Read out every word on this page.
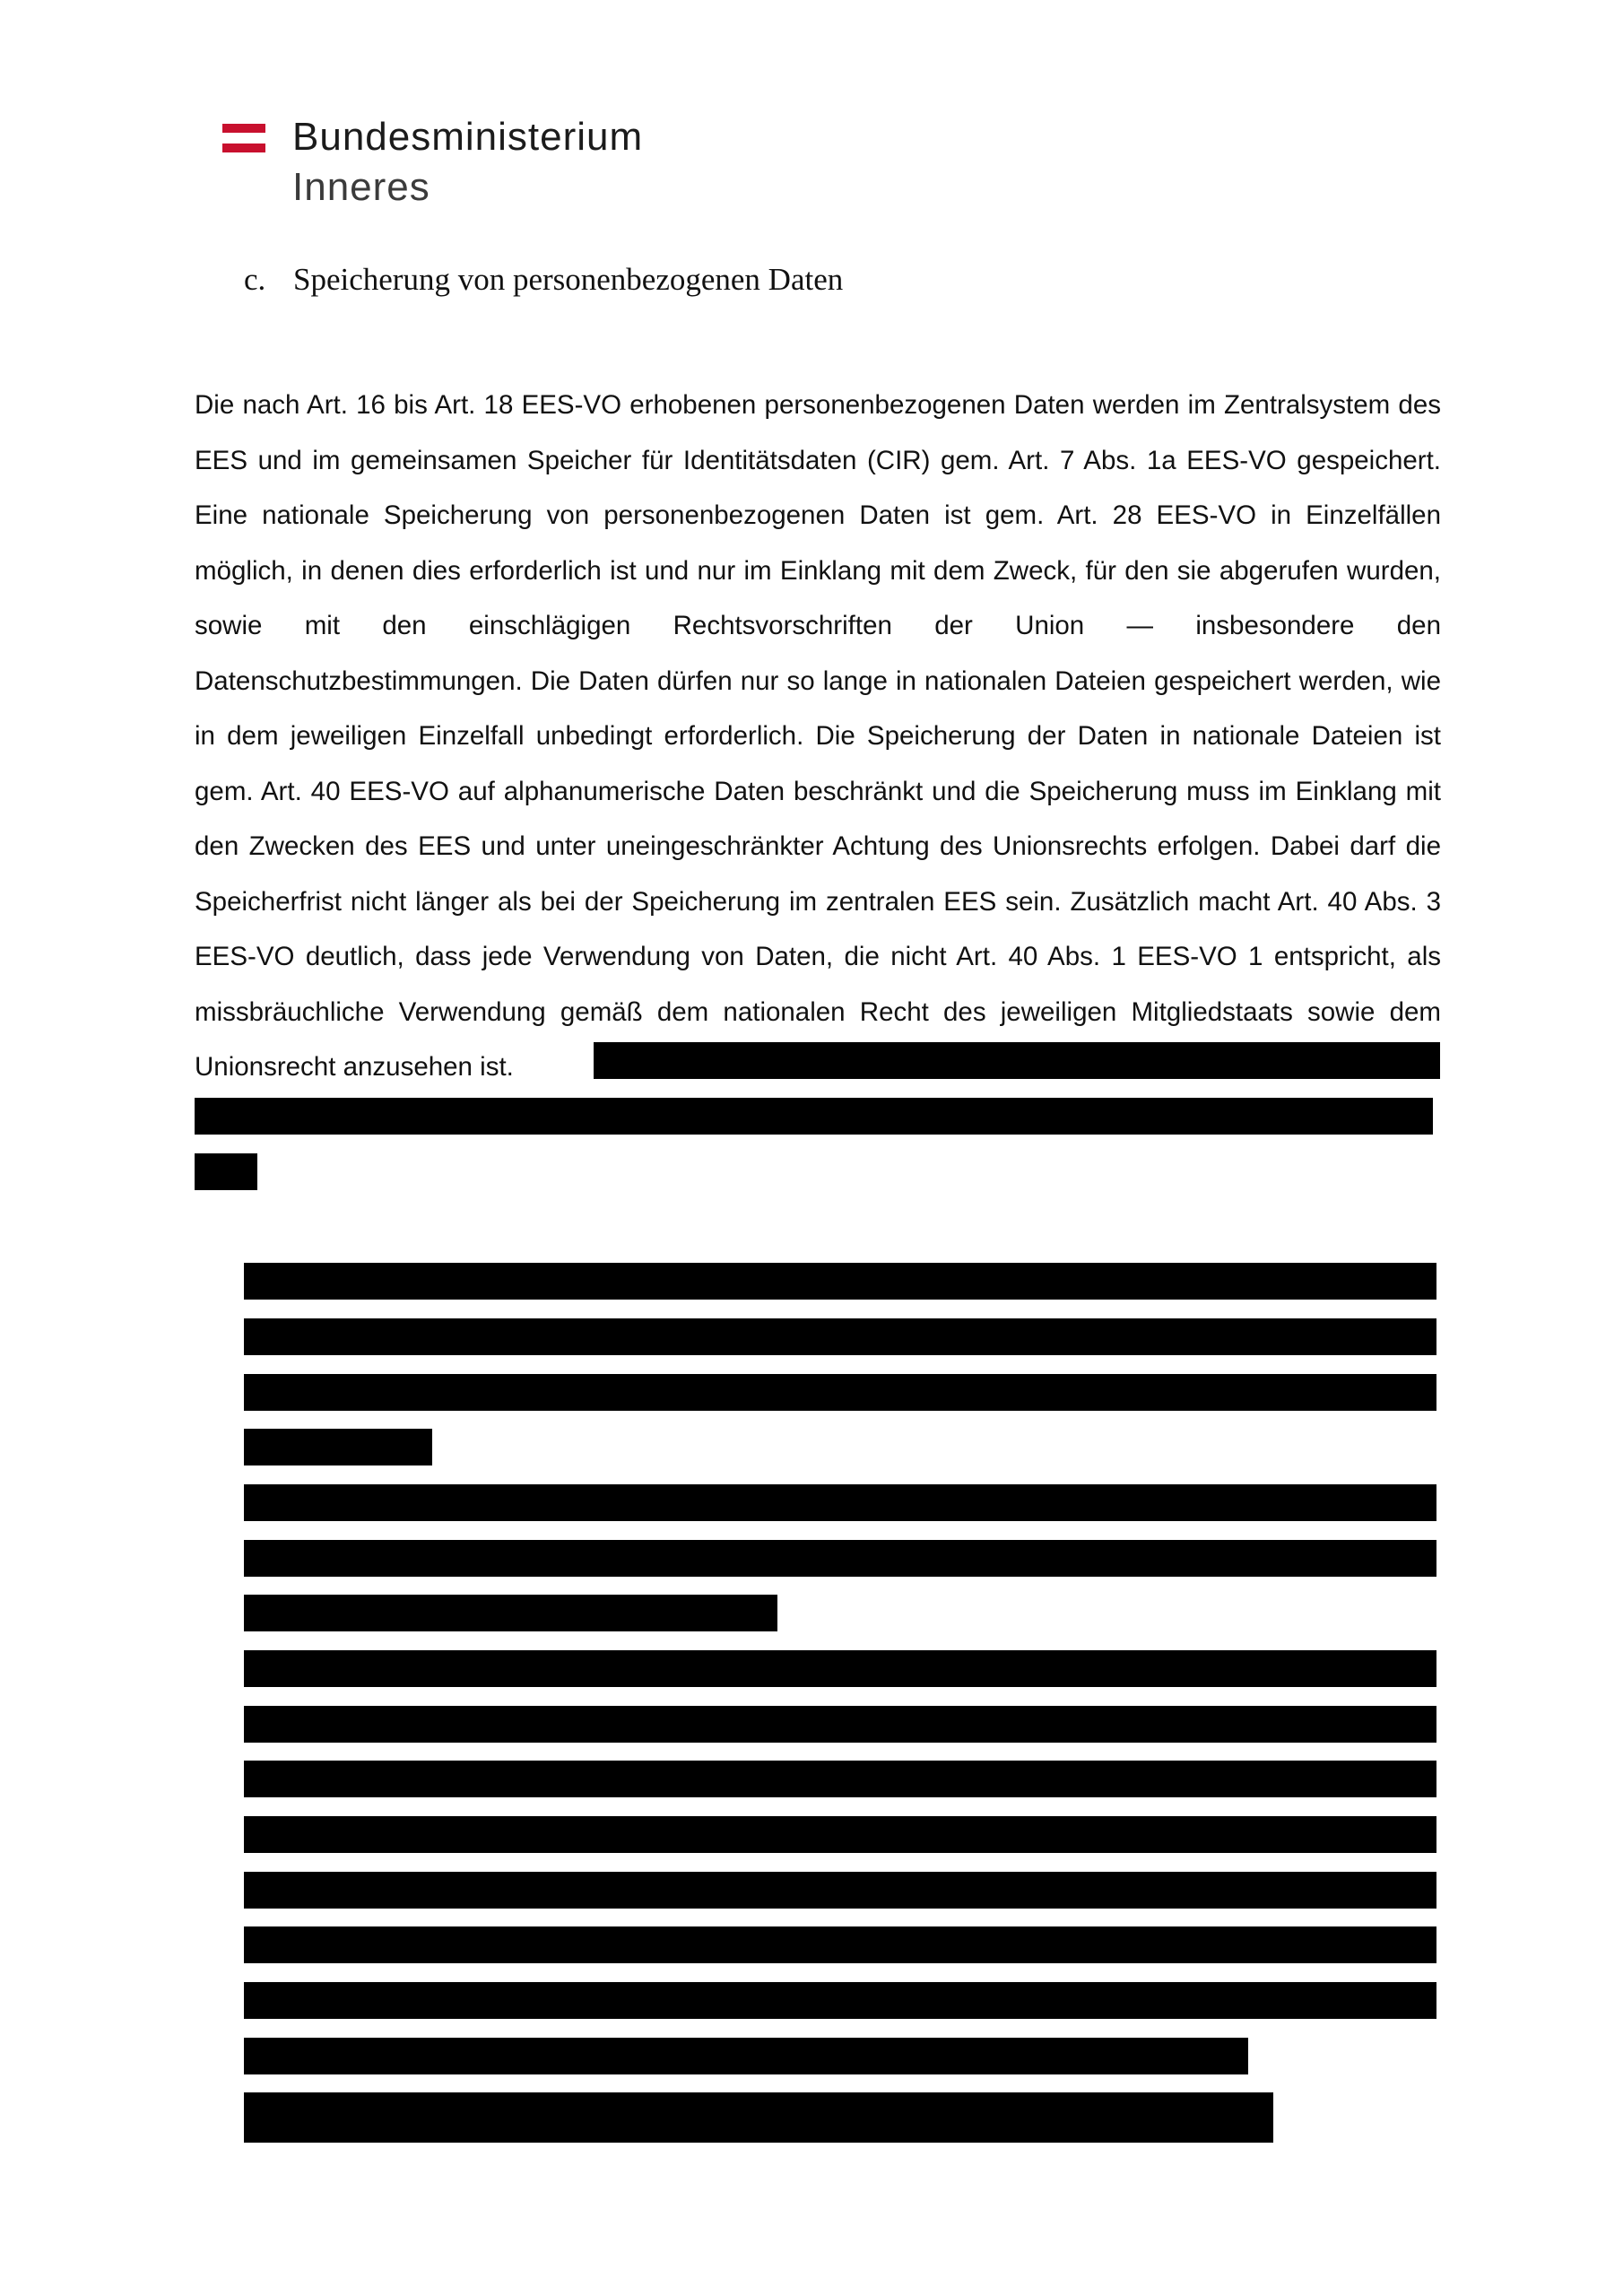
Bundesministerium
Inneres
c. Speicherung von personenbezogenen Daten
Die nach Art. 16 bis Art. 18 EES-VO erhobenen personenbezogenen Daten werden im Zentralsystem des EES und im gemeinsamen Speicher für Identitätsdaten (CIR) gem. Art. 7 Abs. 1a EES-VO gespeichert. Eine nationale Speicherung von personenbezogenen Daten ist gem. Art. 28 EES-VO in Einzelfällen möglich, in denen dies erforderlich ist und nur im Einklang mit dem Zweck, für den sie abgerufen wurden, sowie mit den einschlägigen Rechtsvorschriften der Union — insbesondere den Datenschutzbestimmungen. Die Daten dürfen nur so lange in nationalen Dateien gespeichert werden, wie in dem jeweiligen Einzelfall unbedingt erforderlich. Die Speicherung der Daten in nationale Dateien ist gem. Art. 40 EES-VO auf alphanumerische Daten beschränkt und die Speicherung muss im Einklang mit den Zwecken des EES und unter uneingeschränkter Achtung des Unionsrechts erfolgen. Dabei darf die Speicherfrist nicht länger als bei der Speicherung im zentralen EES sein. Zusätzlich macht Art. 40 Abs. 3 EES-VO deutlich, dass jede Verwendung von Daten, die nicht Art. 40 Abs. 1 EES-VO 1 entspricht, als missbräuchliche Verwendung gemäß dem nationalen Recht des jeweiligen Mitgliedstaats sowie dem Unionsrecht anzusehen ist.
